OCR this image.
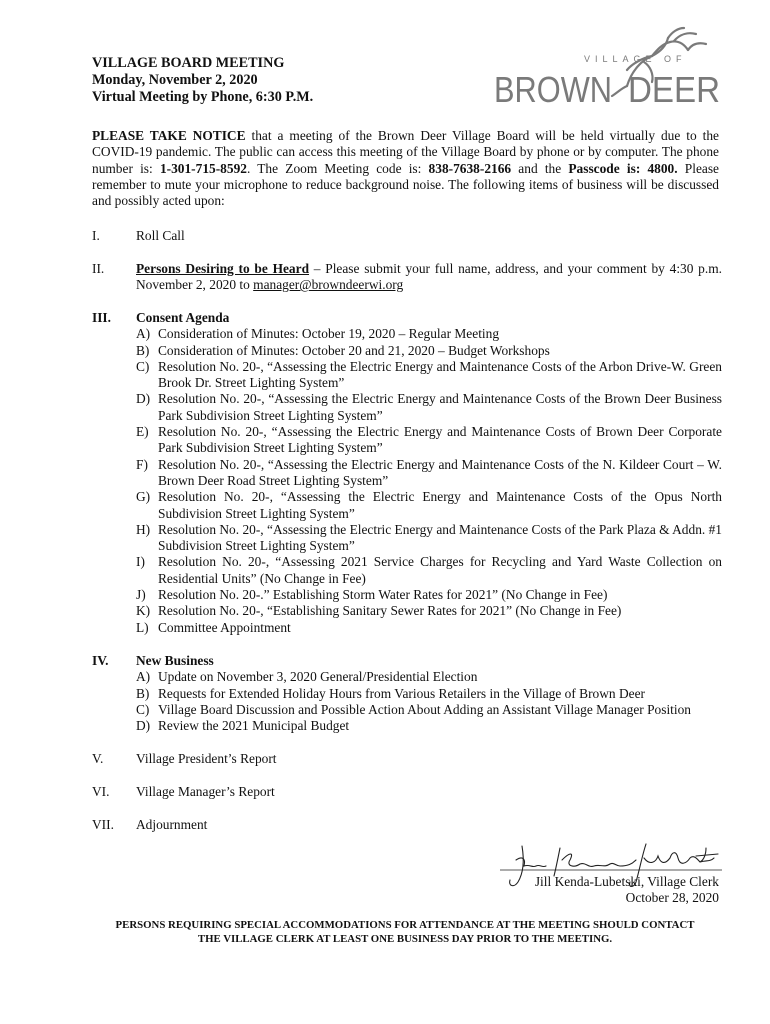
VILLAGE BOARD MEETING
Monday, November 2, 2020
Virtual Meeting by Phone, 6:30 P.M.
VILLAGE OF
BROWN DEER
PLEASE TAKE NOTICE that a meeting of the Brown Deer Village Board will be held virtually due to the COVID-19 pandemic. The public can access this meeting of the Village Board by phone or by computer. The phone number is: 1-301-715-8592. The Zoom Meeting code is: 838-7638-2166 and the Passcode is: 4800. Please remember to mute your microphone to reduce background noise. The following items of business will be discussed and possibly acted upon:
I.	Roll Call
II.	Persons Desiring to be Heard – Please submit your full name, address, and your comment by 4:30 p.m. November 2, 2020 to manager@browndeerwi.org
III.	Consent Agenda
A) Consideration of Minutes: October 19, 2020 – Regular Meeting
B) Consideration of Minutes: October 20 and 21, 2020 – Budget Workshops
C) Resolution No. 20-, “Assessing the Electric Energy and Maintenance Costs of the Arbon Drive-W. Green Brook Dr. Street Lighting System”
D) Resolution No. 20-, “Assessing the Electric Energy and Maintenance Costs of the Brown Deer Business Park Subdivision Street Lighting System”
E) Resolution No. 20-, “Assessing the Electric Energy and Maintenance Costs of Brown Deer Corporate Park Subdivision Street Lighting System”
F) Resolution No. 20-, “Assessing the Electric Energy and Maintenance Costs of the N. Kildeer Court – W. Brown Deer Road Street Lighting System”
G) Resolution No. 20-, “Assessing the Electric Energy and Maintenance Costs of the Opus North Subdivision Street Lighting System”
H) Resolution No. 20-, “Assessing the Electric Energy and Maintenance Costs of the Park Plaza & Addn. #1 Subdivision Street Lighting System”
I) Resolution No. 20-, “Assessing 2021 Service Charges for Recycling and Yard Waste Collection on Residential Units” (No Change in Fee)
J) Resolution No. 20-.” Establishing Storm Water Rates for 2021” (No Change in Fee)
K) Resolution No. 20-, “Establishing Sanitary Sewer Rates for 2021” (No Change in Fee)
L) Committee Appointment
IV.	New Business
A) Update on November 3, 2020 General/Presidential Election
B) Requests for Extended Holiday Hours from Various Retailers in the Village of Brown Deer
C) Village Board Discussion and Possible Action About Adding an Assistant Village Manager Position
D) Review the 2021 Municipal Budget
V.	Village President’s Report
VI.	Village Manager’s Report
VII.	Adjournment
Jill Kenda-Lubetski, Village Clerk
October 28, 2020
PERSONS REQUIRING SPECIAL ACCOMMODATIONS FOR ATTENDANCE AT THE MEETING SHOULD CONTACT
THE VILLAGE CLERK AT LEAST ONE BUSINESS DAY PRIOR TO THE MEETING.
